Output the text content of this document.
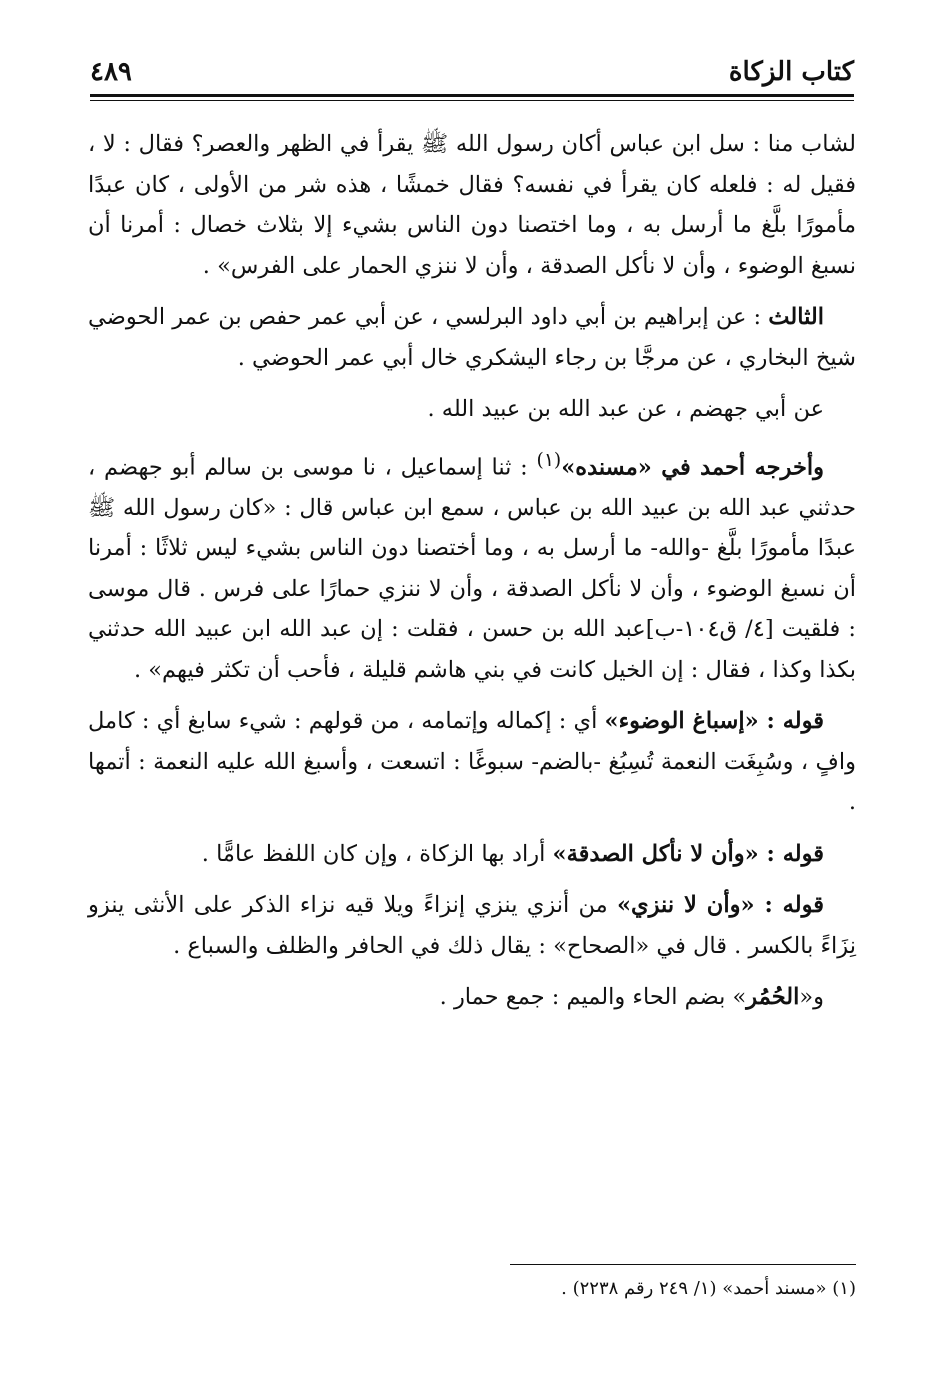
كتاب الزكاة
٤٨٩

لشاب منا : سل ابن عباس أكان رسول الله ﷺ يقرأ في الظهر والعصر؟ فقال : لا ، فقيل له : فلعله كان يقرأ في نفسه؟ فقال خمشًا ، هذه شر من الأولى ، كان عبدًا مأمورًا بلَّغ ما أرسل به ، وما اختصنا دون الناس بشيء إلا بثلاث خصال : أمرنا أن نسبغ الوضوء ، وأن لا نأكل الصدقة ، وأن لا ننزي الحمار على الفرس» .

الثالث : عن إبراهيم بن أبي داود البرلسي ، عن أبي عمر حفص بن عمر الحوضي شيخ البخاري ، عن مرجَّا بن رجاء اليشكري خال أبي عمر الحوضي .

عن أبي جهضم ، عن عبد الله بن عبيد الله .

وأخرجه أحمد في «مسنده»$^{(١)}$ : ثنا إسماعيل ، نا موسى بن سالم أبو جهضم ، حدثني عبد الله بن عبيد الله بن عباس ، سمع ابن عباس قال : «كان رسول الله ﷺ عبدًا مأمورًا بلَّغ -والله- ما أرسل به ، وما أختصنا دون الناس بشيء ليس ثلاثًا : أمرنا أن نسبغ الوضوء ، وأن لا نأكل الصدقة ، وأن لا ننزي حمارًا على فرس . قال موسى : فلقيت [٤/ ق١٠٤-ب]عبد الله بن حسن ، فقلت : إن عبد الله ابن عبيد الله حدثني بكذا وكذا ، فقال : إن الخيل كانت في بني هاشم قليلة ، فأحب أن تكثر فيهم» .

قوله : «إسباغ الوضوء» أي : إكماله وإتمامه ، من قولهم : شيء سابغ أي : كامل وافٍ ، وسُبِغَت النعمة تُسِبُغ -بالضم- سبوغًا : اتسعت ، وأسبغ الله عليه النعمة : أتمها .

قوله : «وأن لا نأكل الصدقة» أراد بها الزكاة ، وإن كان اللفظ عامًّا .

قوله : «وأن لا ننزي» من أنزي ينزي إنزاءً ويلا قيه نزاء الذكر على الأنثى ينزو نِزَاءً بالكسر . قال في «الصحاح» : يقال ذلك في الحافر والظلف والسباع .

و«الحُمُر» بضم الحاء والميم : جمع حمار .

(١) «مسند أحمد» (١/ ٢٤٩ رقم ٢٢٣٨) .
